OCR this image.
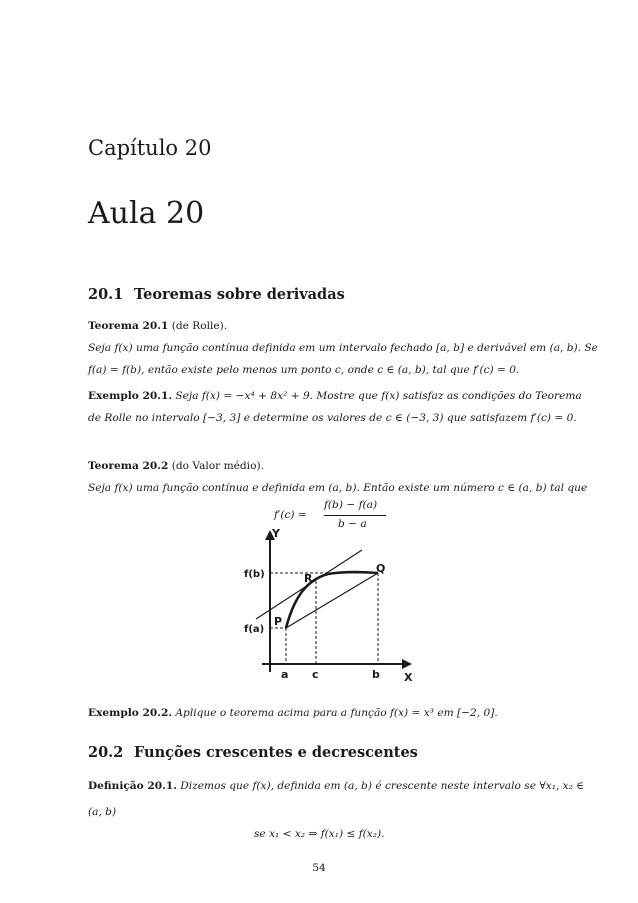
Capítulo 20
Aula 20
20.1 Teoremas sobre derivadas
Teorema 20.1 (de Rolle).
Seja f(x) uma função contínua definida em um intervalo fechado [a, b] e derivável em (a, b). Se
f(a) = f(b), então existe pelo menos um ponto c, onde c ∈ (a, b), tal que f′(c) = 0.
Exemplo 20.1. Seja f(x) = −x⁴ + 8x² + 9. Mostre que f(x) satisfaz as condições do Teorema
de Rolle no intervalo [−3, 3] e determine os valores de c ∈ (−3, 3) que satisfazem f′(c) = 0.
Teorema 20.2 (do Valor médio).
Seja f(x) uma função contínua e definida em (a, b). Então existe um número c ∈ (a, b) tal que
f′(c) =
f(b) − f(a)
b − a
Y
X
f(b)
f(a)
a c	b
P
Q
R
Exemplo 20.2. Aplique o teorema acima para a função f(x) = x³ em [−2, 0].
20.2 Funções crescentes e decrescentes
Definição 20.1. Dizemos que f(x), definida em (a, b) é crescente neste intervalo se ∀x₁, x₂ ∈
(a, b)
se x₁ < x₂ ⇒ f(x₁) ≤ f(x₂).
54
